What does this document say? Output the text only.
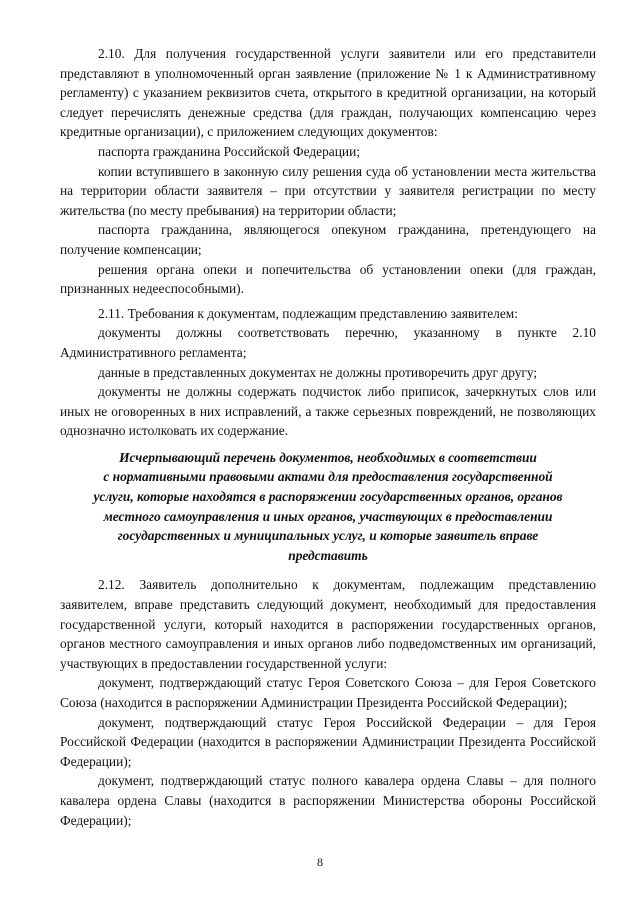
2.10. Для получения государственной услуги заявители или его представители представляют в уполномоченный орган заявление (приложение № 1 к Административному регламенту) с указанием реквизитов счета, открытого в кредитной организации, на который следует перечислять денежные средства (для граждан, получающих компенсацию через кредитные организации), с приложением следующих документов:

паспорта гражданина Российской Федерации;

копии вступившего в законную силу решения суда об установлении места жительства на территории области заявителя – при отсутствии у заявителя регистрации по месту жительства (по месту пребывания) на территории области;

паспорта гражданина, являющегося опекуном гражданина, претендующего на получение компенсации;

решения органа опеки и попечительства об установлении опеки (для граждан, признанных недееспособными).

2.11. Требования к документам, подлежащим представлению заявителем:

документы должны соответствовать перечню, указанному в пункте 2.10 Административного регламента;

данные в представленных документах не должны противоречить друг другу;

документы не должны содержать подчисток либо приписок, зачеркнутых слов или иных не оговоренных в них исправлений, а также серьезных повреждений, не позволяющих однозначно истолковать их содержание.

Исчерпывающий перечень документов, необходимых в соответствии
с нормативными правовыми актами для предоставления государственной
услуги, которые находятся в распоряжении государственных органов, органов
местного самоуправления и иных органов, участвующих в предоставлении
государственных и муниципальных услуг, и которые заявитель вправе
представить

2.12. Заявитель дополнительно к документам, подлежащим представлению заявителем, вправе представить следующий документ, необходимый для предоставления государственной услуги, который находится в распоряжении государственных органов, органов местного самоуправления и иных органов либо подведомственных им организаций, участвующих в предоставлении государственной услуги:

документ, подтверждающий статус Героя Советского Союза – для Героя Советского Союза (находится в распоряжении Администрации Президента Российской Федерации);

документ, подтверждающий статус Героя Российской Федерации – для Героя Российской Федерации (находится в распоряжении Администрации Президента Российской Федерации);

документ, подтверждающий статус полного кавалера ордена Славы – для полного кавалера ордена Славы (находится в распоряжении Министерства обороны Российской Федерации);

8
